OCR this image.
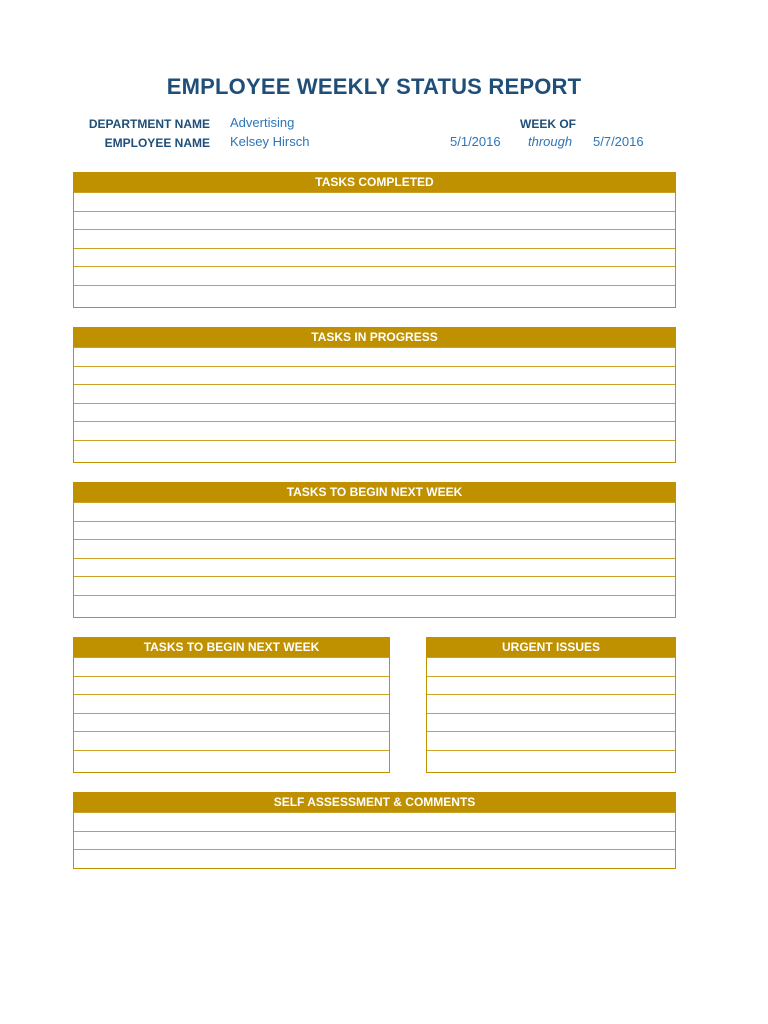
EMPLOYEE WEEKLY STATUS REPORT
DEPARTMENT NAME Advertising
EMPLOYEE NAME Kelsey Hirsch
WEEK OF
5/1/2016 through 5/7/2016
TASKS COMPLETED
TASKS IN PROGRESS
TASKS TO BEGIN NEXT WEEK
TASKS TO BEGIN NEXT WEEK	URGENT ISSUES
SELF ASSESSMENT & COMMENTS
